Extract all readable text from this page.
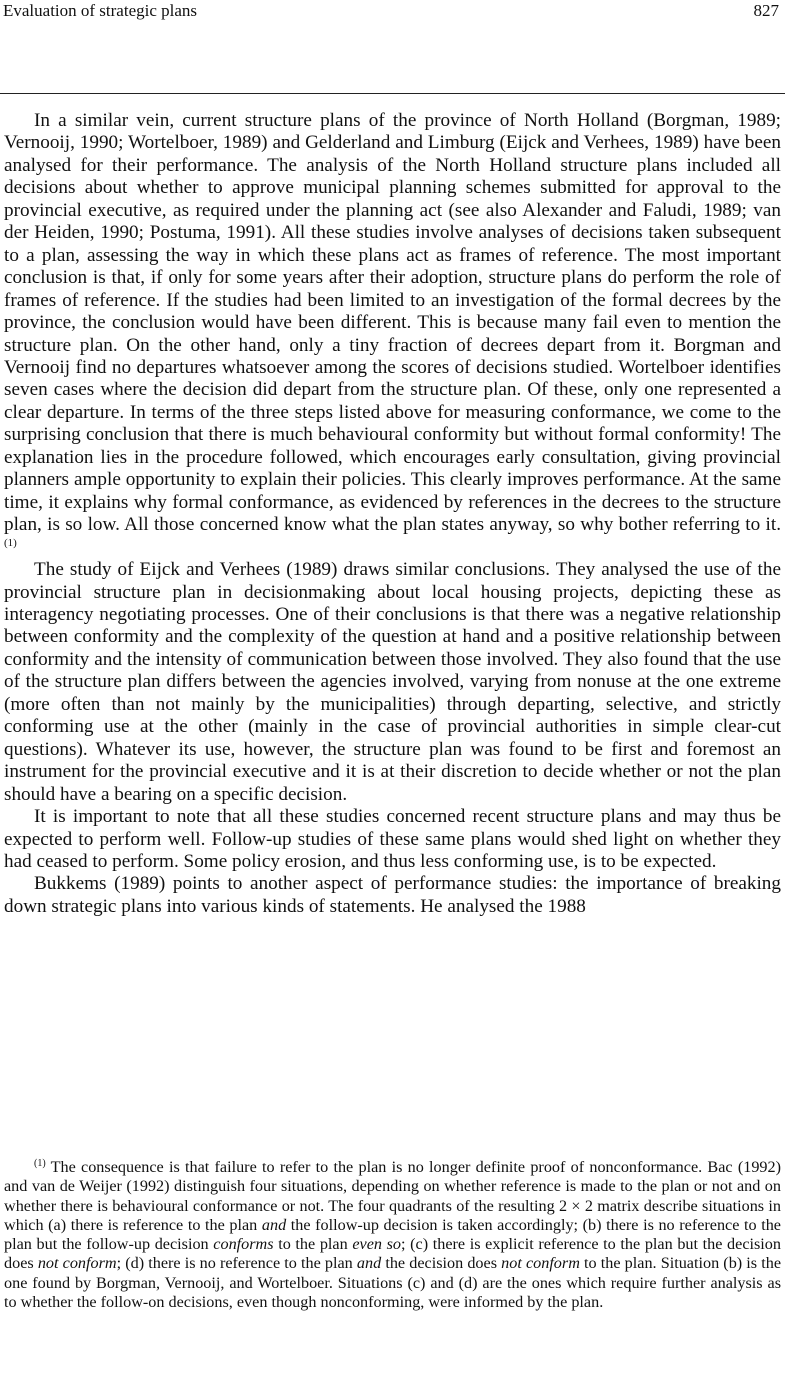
Evaluation of strategic plans	827

In a similar vein, current structure plans of the province of North Holland (Borgman, 1989; Vernooij, 1990; Wortelboer, 1989) and Gelderland and Limburg (Eijck and Verhees, 1989) have been analysed for their performance. The analysis of the North Holland structure plans included all decisions about whether to approve municipal planning schemes submitted for approval to the provincial executive, as required under the planning act (see also Alexander and Faludi, 1989; van der Heiden, 1990; Postuma, 1991). All these studies involve analyses of decisions taken subsequent to a plan, assessing the way in which these plans act as frames of reference. The most important conclusion is that, if only for some years after their adoption, structure plans do perform the role of frames of reference. If the studies had been limited to an investigation of the formal decrees by the province, the conclusion would have been different. This is because many fail even to mention the structure plan. On the other hand, only a tiny fraction of decrees depart from it. Borgman and Vernooij find no departures whatsoever among the scores of decisions studied. Wortelboer identifies seven cases where the decision did depart from the structure plan. Of these, only one represented a clear departure. In terms of the three steps listed above for measuring conformance, we come to the surprising conclusion that there is much behavioural conformity but without formal conformity! The explanation lies in the procedure followed, which encourages early consultation, giving provincial planners ample opportunity to explain their policies. This clearly improves performance. At the same time, it explains why formal conformance, as evidenced by references in the decrees to the structure plan, is so low. All those concerned know what the plan states anyway, so why bother referring to it.$^{(1)}$

The study of Eijck and Verhees (1989) draws similar conclusions. They analysed the use of the provincial structure plan in decisionmaking about local housing projects, depicting these as interagency negotiating processes. One of their conclusions is that there was a negative relationship between conformity and the complexity of the question at hand and a positive relationship between conformity and the intensity of communication between those involved. They also found that the use of the structure plan differs between the agencies involved, varying from nonuse at the one extreme (more often than not mainly by the municipalities) through departing, selective, and strictly conforming use at the other (mainly in the case of provincial authorities in simple clear-cut questions). Whatever its use, however, the structure plan was found to be first and foremost an instrument for the provincial executive and it is at their discretion to decide whether or not the plan should have a bearing on a specific decision.

It is important to note that all these studies concerned recent structure plans and may thus be expected to perform well. Follow-up studies of these same plans would shed light on whether they had ceased to perform. Some policy erosion, and thus less conforming use, is to be expected.

Bukkems (1989) points to another aspect of performance studies: the importance of breaking down strategic plans into various kinds of statements. He analysed the 1988

$^{(1)}$ The consequence is that failure to refer to the plan is no longer definite proof of nonconformance. Bac (1992) and van de Weijer (1992) distinguish four situations, depending on whether reference is made to the plan or not and on whether there is behavioural conformance or not. The four quadrants of the resulting 2 × 2 matrix describe situations in which (a) there is reference to the plan and the follow-up decision is taken accordingly; (b) there is no reference to the plan but the follow-up decision conforms to the plan even so; (c) there is explicit reference to the plan but the decision does not conform; (d) there is no reference to the plan and the decision does not conform to the plan. Situation (b) is the one found by Borgman, Vernooij, and Wortelboer. Situations (c) and (d) are the ones which require further analysis as to whether the follow-on decisions, even though nonconforming, were informed by the plan.
